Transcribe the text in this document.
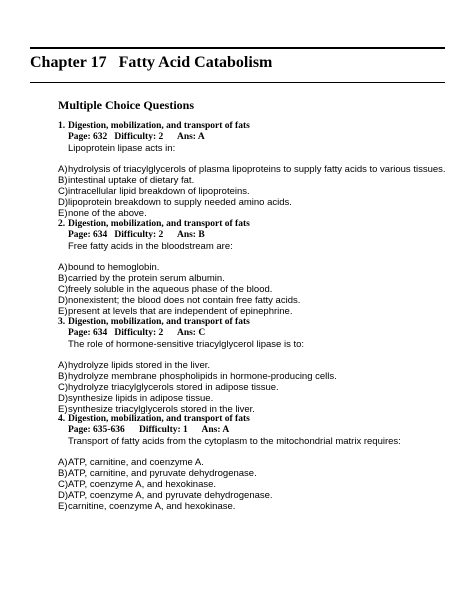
Chapter 17   Fatty Acid Catabolism
Multiple Choice Questions
1. Digestion, mobilization, and transport of fats
Page: 632   Difficulty: 2      Ans: A
Lipoprotein lipase acts in:
A) hydrolysis of triacylglycerols of plasma lipoproteins to supply fatty acids to various tissues.
B) intestinal uptake of dietary fat.
C) intracellular lipid breakdown of lipoproteins.
D) lipoprotein breakdown to supply needed amino acids.
E) none of the above.
2. Digestion, mobilization, and transport of fats
Page: 634   Difficulty: 2      Ans: B
Free fatty acids in the bloodstream are:
A) bound to hemoglobin.
B) carried by the protein serum albumin.
C) freely soluble in the aqueous phase of the blood.
D) nonexistent; the blood does not contain free fatty acids.
E) present at levels that are independent of epinephrine.
3. Digestion, mobilization, and transport of fats
Page: 634   Difficulty: 2      Ans: C
The role of hormone-sensitive triacylglycerol lipase is to:
A) hydrolyze lipids stored in the liver.
B) hydrolyze membrane phospholipids in hormone-producing cells.
C) hydrolyze triacylglycerols stored in adipose tissue.
D) synthesize lipids in adipose tissue.
E) synthesize triacylglycerols stored in the liver.
4. Digestion, mobilization, and transport of fats
Page: 635-636      Difficulty: 1      Ans: A
Transport of fatty acids from the cytoplasm to the mitochondrial matrix requires:
A) ATP, carnitine, and coenzyme A.
B) ATP, carnitine, and pyruvate dehydrogenase.
C) ATP, coenzyme A, and hexokinase.
D) ATP, coenzyme A, and pyruvate dehydrogenase.
E) carnitine, coenzyme A, and hexokinase.
